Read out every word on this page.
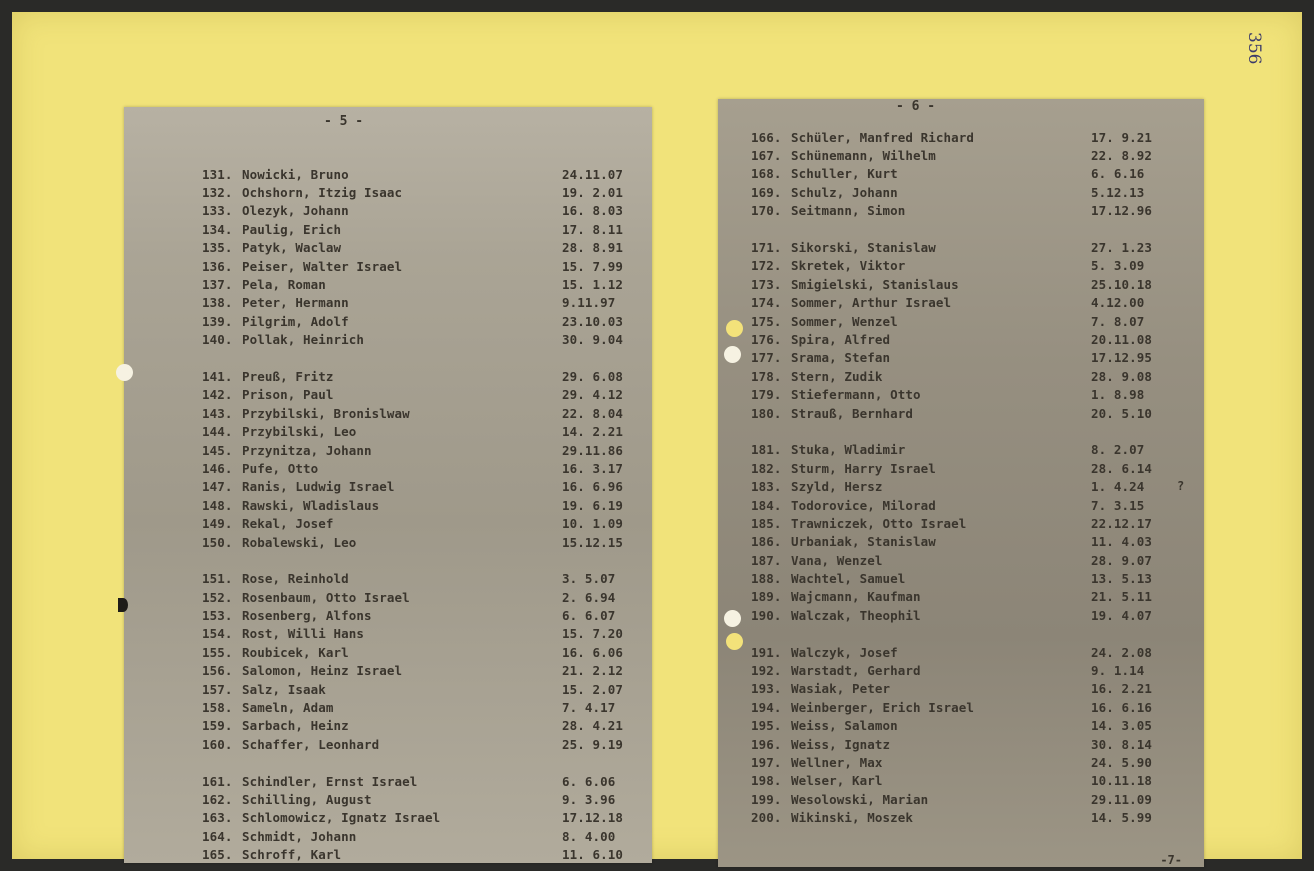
356
- 5 -
131. Nowicki, Bruno	24.11.07
132. Ochshorn, Itzig Isaac	19. 2.01
133. Olezyk, Johann	16. 8.03
134. Paulig, Erich	17. 8.11
135. Patyk, Waclaw	28. 8.91
136. Peiser, Walter Israel	15. 7.99
137. Pela, Roman	15. 1.12
138. Peter, Hermann	9.11.97
139. Pilgrim, Adolf	23.10.03
140. Pollak, Heinrich	30. 9.04
141. Preuß, Fritz	29. 6.08
142. Prison, Paul	29. 4.12
143. Przybilski, Bronislwaw	22. 8.04
144. Przybilski, Leo	14. 2.21
145. Przynitza, Johann	29.11.86
146. Pufe, Otto	16. 3.17
147. Ranis, Ludwig Israel	16. 6.96
148. Rawski, Wladislaus	19. 6.19
149. Rekal, Josef	10. 1.09
150. Robalewski, Leo	15.12.15
151. Rose, Reinhold	3. 5.07
152. Rosenbaum, Otto Israel	2. 6.94
153. Rosenberg, Alfons	6. 6.07
154. Rost, Willi Hans	15. 7.20
155. Roubicek, Karl	16. 6.06
156. Salomon, Heinz Israel	21. 2.12
157. Salz, Isaak	15. 2.07
158. Sameln, Adam	7. 4.17
159. Sarbach, Heinz	28. 4.21
160. Schaffer, Leonhard	25. 9.19
161. Schindler, Ernst Israel	6. 6.06
162. Schilling, August	9. 3.96
163. Schlomowicz, Ignatz Israel	17.12.18
164. Schmidt, Johann	8. 4.00
165. Schroff, Karl	11. 6.10
- 6 -
166. Schüler, Manfred Richard	17. 9.21
167. Schünemann, Wilhelm	22. 8.92
168. Schuller, Kurt	6. 6.16
169. Schulz, Johann	5.12.13
170. Seitmann, Simon	17.12.96
171. Sikorski, Stanislaw	27. 1.23
172. Skretek, Viktor	5. 3.09
173. Smigielski, Stanislaus	25.10.18
174. Sommer, Arthur Israel	4.12.00
175. Sommer, Wenzel	7. 8.07
176. Spira, Alfred	20.11.08
177. Srama, Stefan	17.12.95
178. Stern, Zudik	28. 9.08
179. Stiefermann, Otto	1. 8.98
180. Strauß, Bernhard	20. 5.10
181. Stuka, Wladimir	8. 2.07
182. Sturm, Harry Israel	28. 6.14
183. Szyld, Hersz	1. 4.24	?
184. Todorovice, Milorad	7. 3.15
185. Trawniczek, Otto Israel	22.12.17
186. Urbaniak, Stanislaw	11. 4.03
187. Vana, Wenzel	28. 9.07
188. Wachtel, Samuel	13. 5.13
189. Wajcmann, Kaufman	21. 5.11
190. Walczak, Theophil	19. 4.07
191. Walczyk, Josef	24. 2.08
192. Warstadt, Gerhard	9. 1.14
193. Wasiak, Peter	16. 2.21
194. Weinberger, Erich Israel	16. 6.16
195. Weiss, Salamon	14. 3.05
196. Weiss, Ignatz	30. 8.14
197. Wellner, Max	24. 5.90
198. Welser, Karl	10.11.18
199. Wesolowski, Marian	29.11.09
200. Wikinski, Moszek	14. 5.99
-7-
